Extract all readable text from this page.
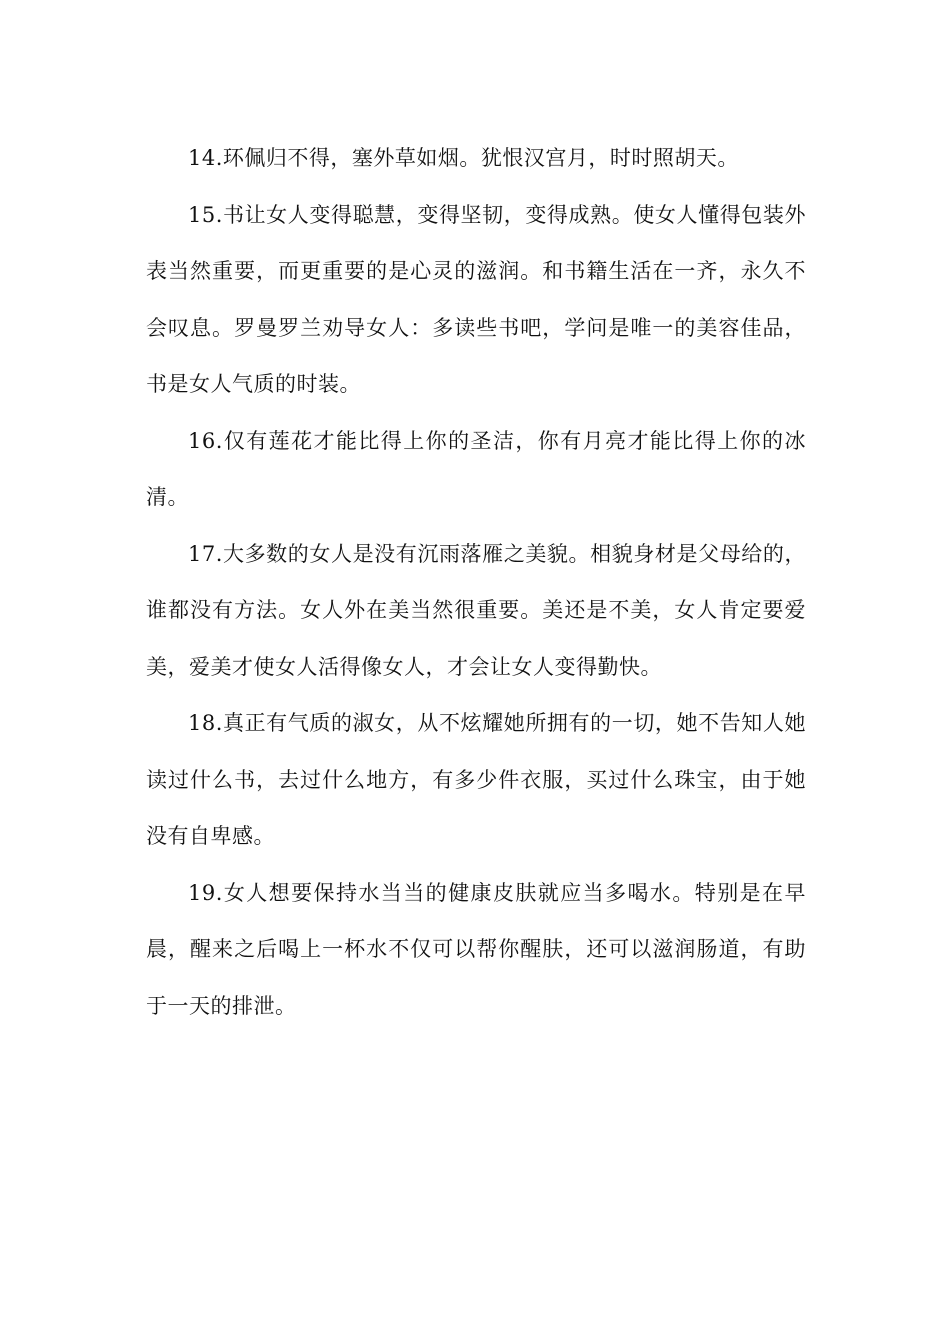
14.环佩归不得，塞外草如烟。犹恨汉宫月，时时照胡天。

15.书让女人变得聪慧，变得坚韧，变得成熟。使女人懂得包装外表当然重要，而更重要的是心灵的滋润。和书籍生活在一齐，永久不会叹息。罗曼罗兰劝导女人：多读些书吧，学问是唯一的美容佳品，书是女人气质的时装。

16.仅有莲花才能比得上你的圣洁，你有月亮才能比得上你的冰清。

17.大多数的女人是没有沉雨落雁之美貌。相貌身材是父母给的，谁都没有方法。女人外在美当然很重要。美还是不美，女人肯定要爱美，爱美才使女人活得像女人，才会让女人变得勤快。

18.真正有气质的淑女，从不炫耀她所拥有的一切，她不告知人她读过什么书，去过什么地方，有多少件衣服，买过什么珠宝，由于她没有自卑感。

19.女人想要保持水当当的健康皮肤就应当多喝水。特别是在早晨，醒来之后喝上一杯水不仅可以帮你醒肤，还可以滋润肠道，有助于一天的排泄。
